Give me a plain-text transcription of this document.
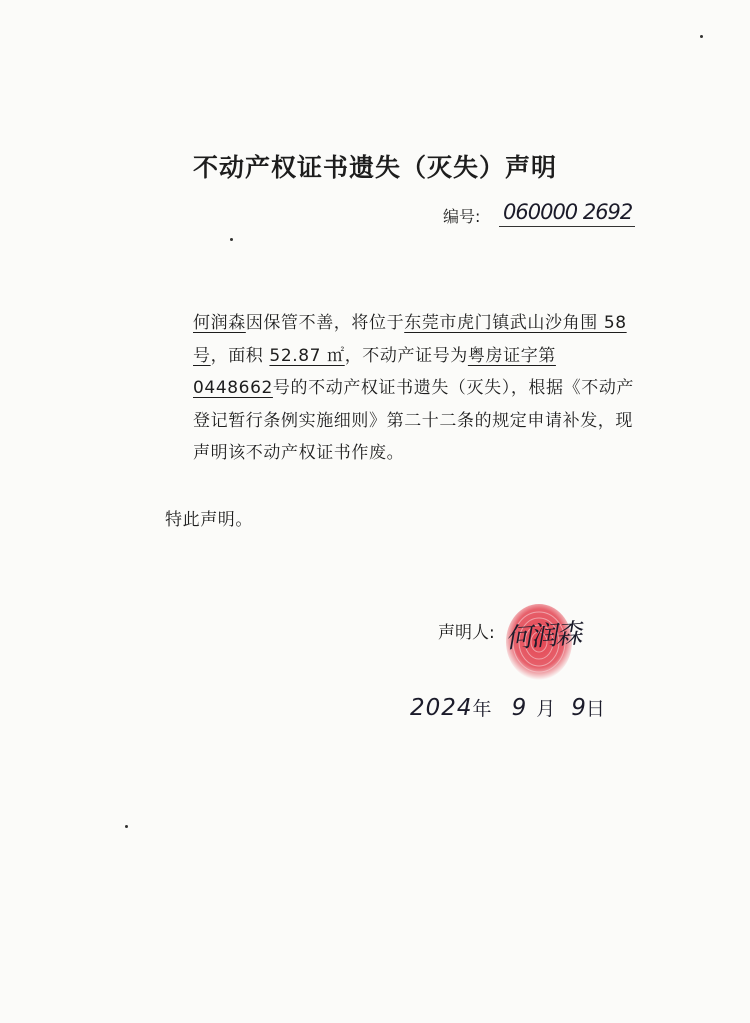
不动产权证书遗失（灭失）声明
编号: 060000 2692

何润森因保管不善，将位于东莞市虎门镇武山沙角围 58 号，面积 52.87 ㎡，不动产证号为粤房证字第 0448662号的不动产权证书遗失（灭失），根据《不动产登记暂行条例实施细则》第二十二条的规定申请补发，现声明该不动产权证书作废。

特此声明。
声明人: 何润森
2024年 9 月 9日
